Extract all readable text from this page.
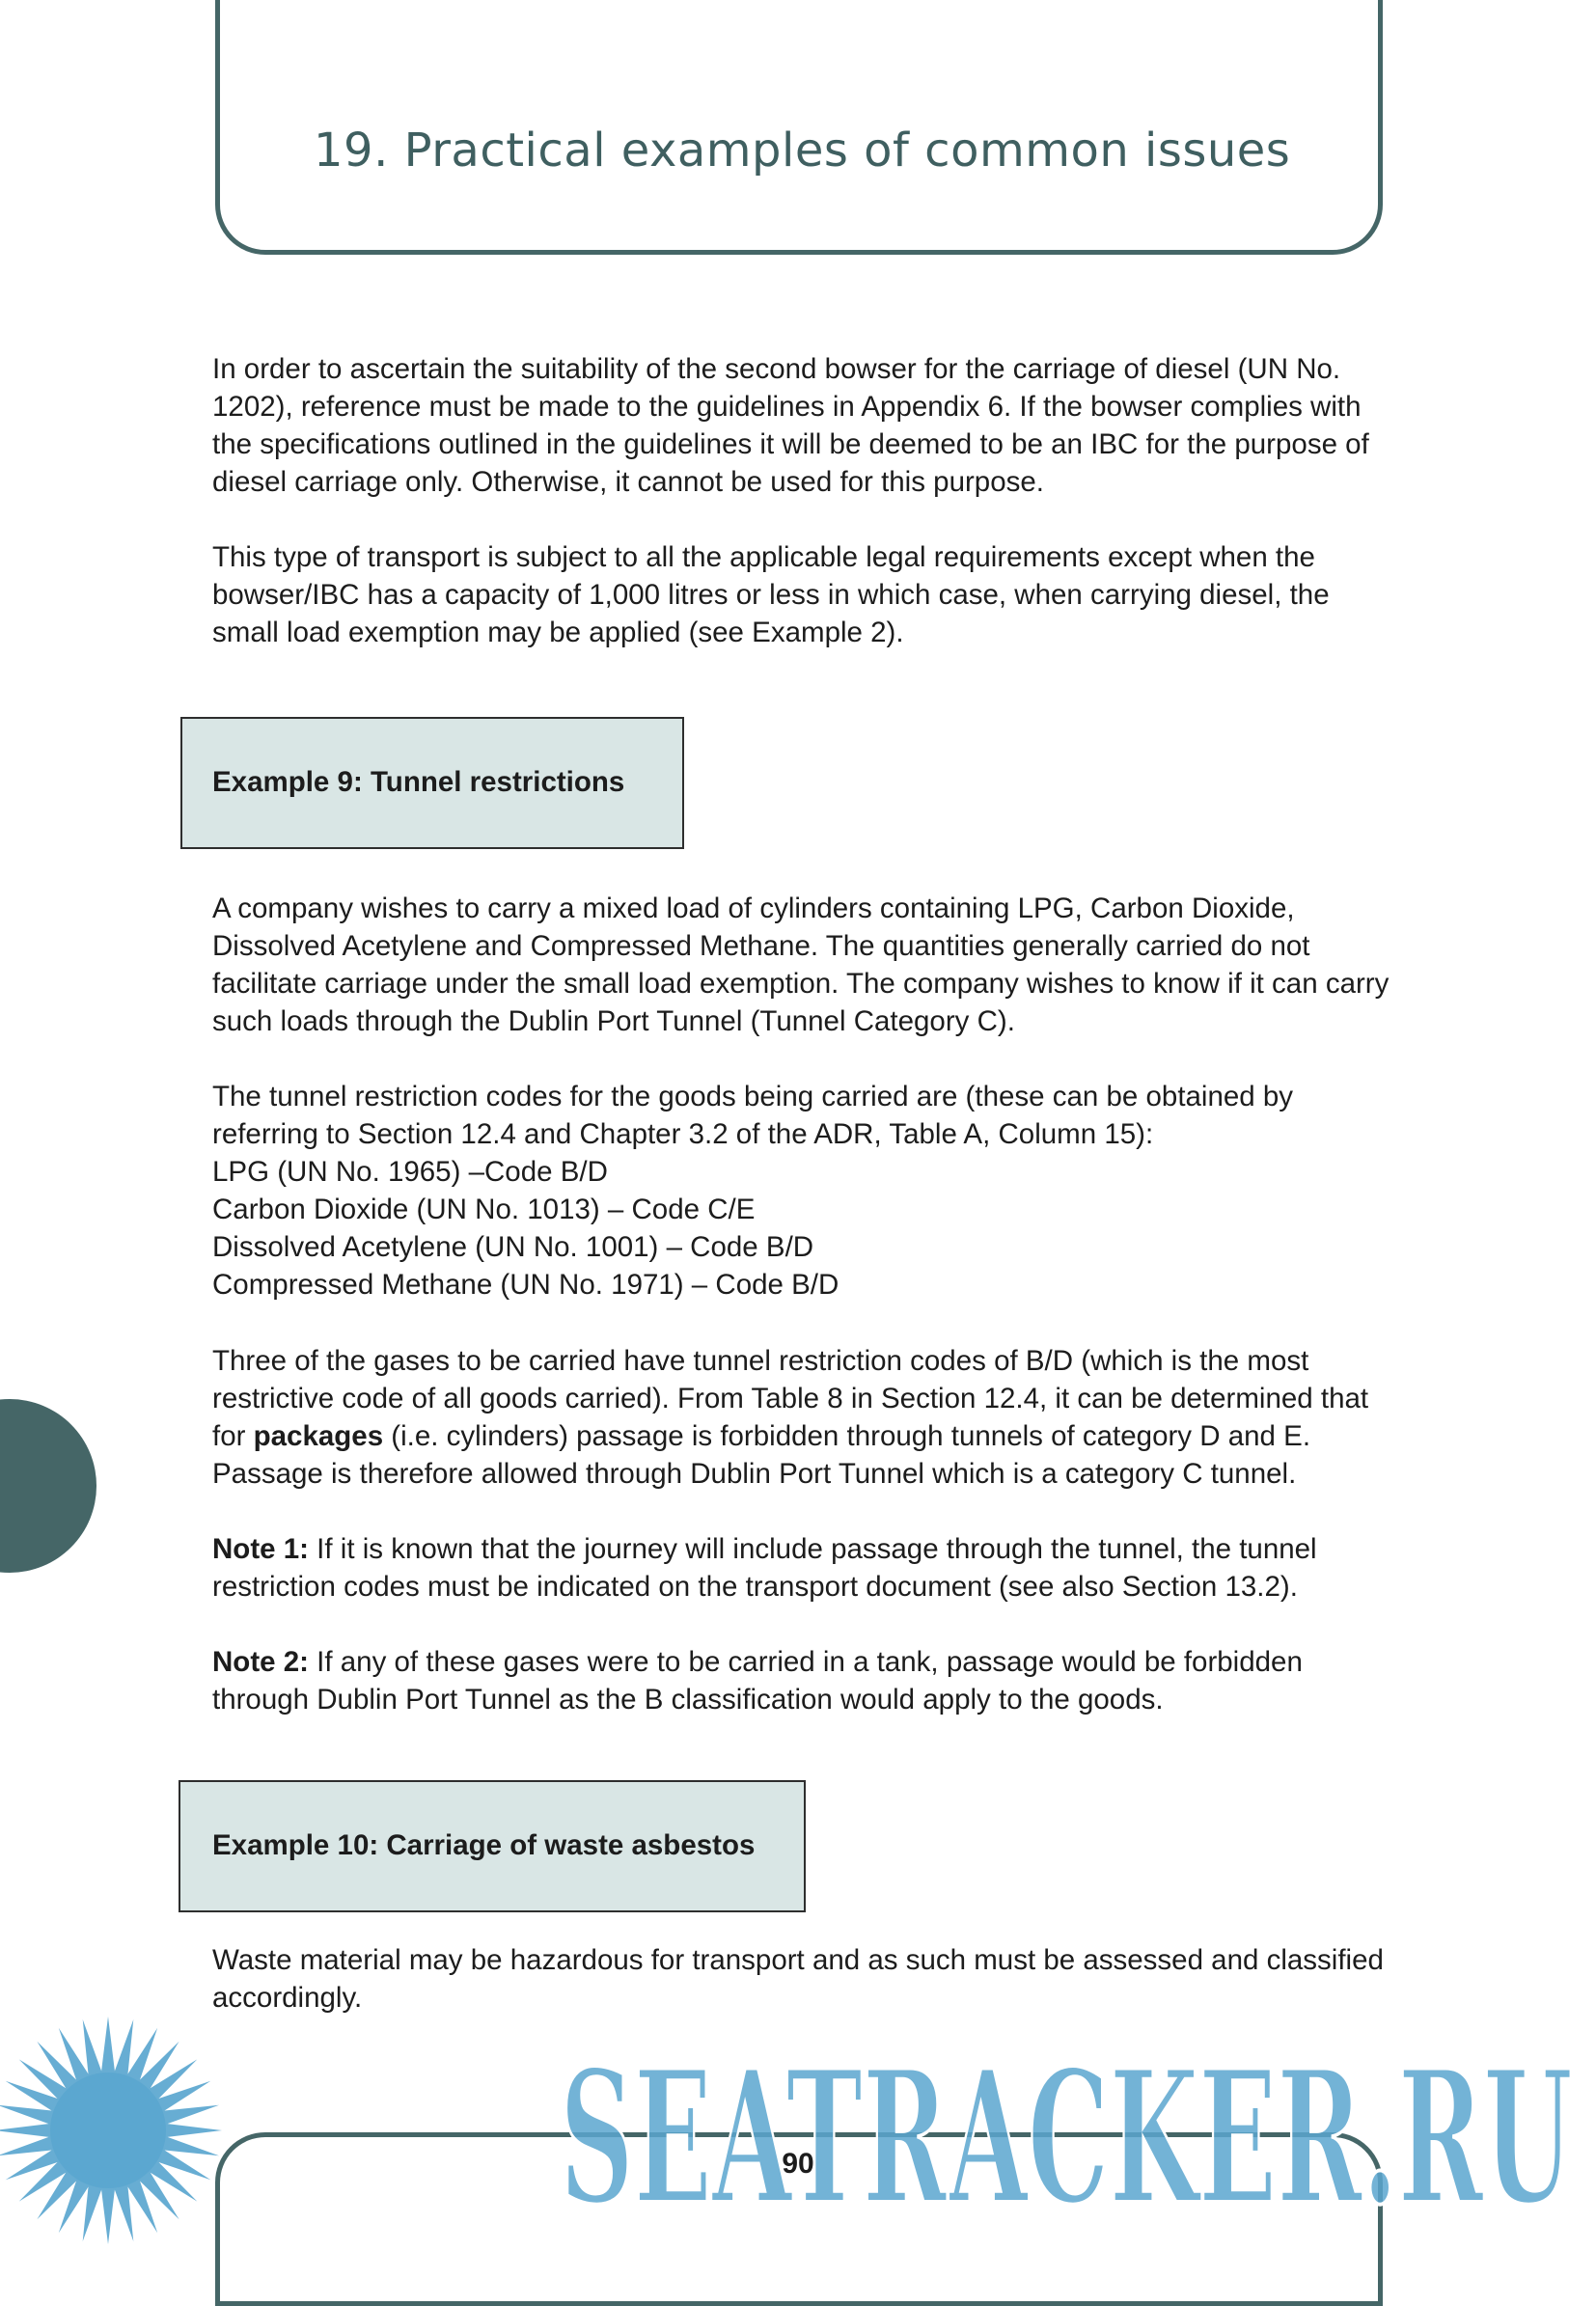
19. Practical examples of common issues

In order to ascertain the suitability of the second bowser for the carriage of diesel (UN No. 1202), reference must be made to the guidelines in Appendix 6. If the bowser complies with the specifications outlined in the guidelines it will be deemed to be an IBC for the purpose of diesel carriage only. Otherwise, it cannot be used for this purpose.

This type of transport is subject to all the applicable legal requirements except when the bowser/IBC has a capacity of 1,000 litres or less in which case, when carrying diesel, the small load exemption may be applied (see Example 2).

Example 9: Tunnel restrictions

A company wishes to carry a mixed load of cylinders containing LPG, Carbon Dioxide, Dissolved Acetylene and Compressed Methane. The quantities generally carried do not facilitate carriage under the small load exemption. The company wishes to know if it can carry such loads through the Dublin Port Tunnel (Tunnel Category C).

The tunnel restriction codes for the goods being carried are (these can be obtained by referring to Section 12.4 and Chapter 3.2 of the ADR, Table A, Column 15):
LPG (UN No. 1965) –Code B/D
Carbon Dioxide (UN No. 1013) – Code C/E
Dissolved Acetylene (UN No. 1001) – Code B/D
Compressed Methane (UN No. 1971) – Code B/D

Three of the gases to be carried have tunnel restriction codes of B/D (which is the most restrictive code of all goods carried). From Table 8 in Section 12.4, it can be determined that for packages (i.e. cylinders) passage is forbidden through tunnels of category D and E. Passage is therefore allowed through Dublin Port Tunnel which is a category C tunnel.

Note 1: If it is known that the journey will include passage through the tunnel, the tunnel restriction codes must be indicated on the transport document (see also Section 13.2).

Note 2: If any of these gases were to be carried in a tank, passage would be forbidden through Dublin Port Tunnel as the B classification would apply to the goods.

Example 10: Carriage of waste asbestos

Waste material may be hazardous for transport and as such must be assessed and classified accordingly.

90
SEATRACKER.RU
